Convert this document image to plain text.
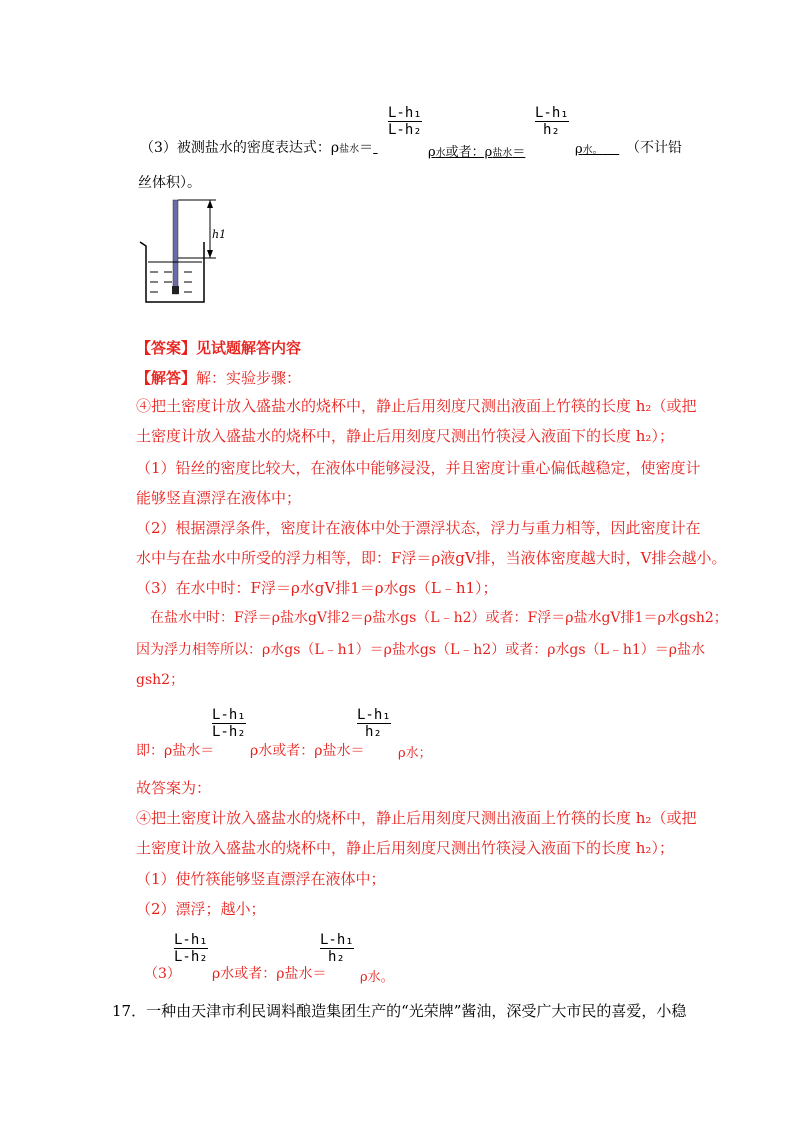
$\frac{\text{L-h₁}}{\text{L-h₂}}$	$\frac{\text{L-h₁}}{\text{h₂}}$
（3）被测盐水的密度表达式：ρ盐水＝	ρ水或者：ρ盐水＝	ρ水。	（不计铅
丝体积）。
h1
【答案】见试题解答内容
【解答】解：实验步骤：
④把土密度计放入盛盐水的烧杯中，静止后用刻度尺测出液面上竹筷的长度 h₂（或把
土密度计放入盛盐水的烧杯中，静止后用刻度尺测出竹筷浸入液面下的长度 h₂）；
（1）铅丝的密度比较大，在液体中能够浸没，并且密度计重心偏低越稳定，使密度计
能够竖直漂浮在液体中；
（2）根据漂浮条件，密度计在液体中处于漂浮状态，浮力与重力相等，因此密度计在
水中与在盐水中所受的浮力相等，即：F浮＝ρ液gV排，当液体密度越大时，V排会越小。
（3）在水中时：F浮＝ρ水gV排1＝ρ水gs（L﹣h1）；
在盐水中时：F浮＝ρ盐水gV排2＝ρ盐水gs（L﹣h2）或者：F浮＝ρ盐水gV排1＝ρ水gsh2；
因为浮力相等所以：ρ水gs（L﹣h1）＝ρ盐水gs（L﹣h2）或者：ρ水gs（L﹣h1）＝ρ盐水
gsh2；
$\frac{\text{L-h₁}}{\text{L-h₂}}$	$\frac{\text{L-h₁}}{\text{h₂}}$
即：ρ盐水＝	ρ水或者：ρ盐水＝	ρ水；
故答案为：
④把土密度计放入盛盐水的烧杯中，静止后用刻度尺测出液面上竹筷的长度 h₂（或把
土密度计放入盛盐水的烧杯中，静止后用刻度尺测出竹筷浸入液面下的长度 h₂）；
（1）使竹筷能够竖直漂浮在液体中；
（2）漂浮；越小；
$\frac{\text{L-h₁}}{\text{L-h₂}}$	$\frac{\text{L-h₁}}{\text{h₂}}$
（3） ρ水或者：ρ盐水＝	ρ水。
17．一种由天津市利民调料酿造集团生产的“光荣牌”酱油，深受广大市民的喜爱，小稳
